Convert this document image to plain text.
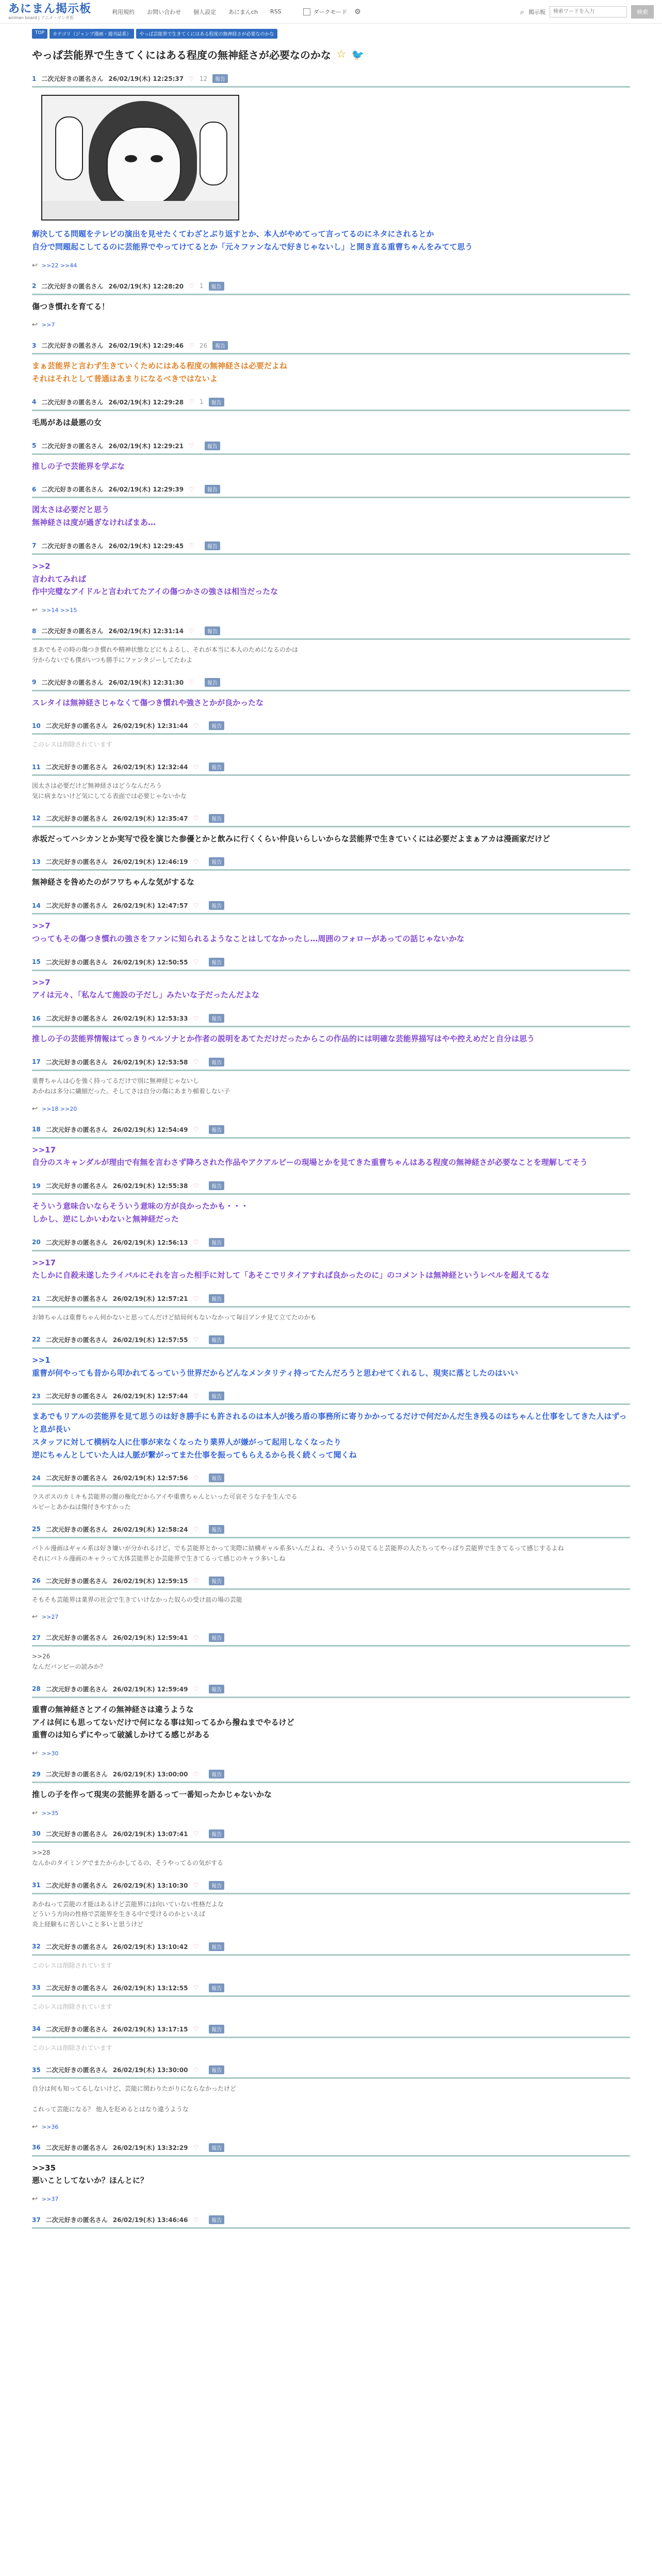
あにまん掲示板
animan board | アニメ・マンガ系
利用規約 お問い合わせ 個人設定 あにまんch RSS	ダークモード ⚙	⌕ 掲示板
検索ワードを入力	検索
TOP	カテゴリ（ジャンプ漫画・週刊誌系）	やっぱ芸能界で生きてくにはある程度の無神経さが必要なのかな
やっぱ芸能界で生きてくにはある程度の無神経さが必要なのかな ☆ 🐦
1 二次元好きの匿名さん 26/02/19(木) 12:25:37 ♡ 12	報告
解決してる問題をテレビの演出を見せたくてわざとぶり返すとか、本人がやめてって言ってるのにネタにされるとか
自分で問題起こしてるのに芸能界でやってけてるとか「元々ファンなんで好きじゃないし」と開き直る重曹ちゃんをみてて思う
↩ >>22 >>44
2 二次元好きの匿名さん 26/02/19(木) 12:28:20 ♡ 1	報告
傷つき慣れを育てる！
↩ >>7
3 二次元好きの匿名さん 26/02/19(木) 12:29:46 ♡ 26	報告
まぁ芸能界と言わず生きていくためにはある程度の無神経さは必要だよね
それはそれとして普通はあまりになるべきではないよ
4 二次元好きの匿名さん 26/02/19(木) 12:29:28 ♡ 1	報告
毛馬があは最悪の女
5 二次元好きの匿名さん 26/02/19(木) 12:29:21 ♡	報告
推しの子で芸能界を学ぶな
6 二次元好きの匿名さん 26/02/19(木) 12:29:39 ♡	報告
図太さは必要だと思う
無神経さは度が過ぎなければまあ…
7 二次元好きの匿名さん 26/02/19(木) 12:29:45 ♡	報告
>>2
言われてみれば
作中完璧なアイドルと言われてたアイの傷つかさの強さは相当だったな
↩ >>14 >>15
8 二次元好きの匿名さん 26/02/19(木) 12:31:14 ♡	報告
まあでもその時の傷つき慣れや精神状態などにもよるし、それが本当に本人のためになるのかは
分からないでも僕がいつも勝手にファンタジーしてたわよ
9 二次元好きの匿名さん 26/02/19(木) 12:31:30 ♡	報告
スレタイは無神経さじゃなくて傷つき慣れや強さとかが良かったな
10 二次元好きの匿名さん 26/02/19(木) 12:31:44 ♡	報告
このレスは削除されています
11 二次元好きの匿名さん 26/02/19(木) 12:32:44 ♡	報告
図太さは必要だけど無神経さはどうなんだろう
気に病まないけど気にしてる表面では必要じゃないかな
12 二次元好きの匿名さん 26/02/19(木) 12:35:47 ♡	報告
赤坂だってハシカンとか実写で役を演じた参優とかと飲みに行くくらい仲良いらしいからな芸能界で生きていくには必要だよまぁアカは漫画家だけど
13 二次元好きの匿名さん 26/02/19(木) 12:46:19 ♡	報告
無神経さを咎めたのがフワちゃんな気がするな
14 二次元好きの匿名さん 26/02/19(木) 12:47:57 ♡	報告
>>7
つってもその傷つき慣れの強さをファンに知られるようなことはしてなかったし…周囲のフォローがあっての話じゃないかな
15 二次元好きの匿名さん 26/02/19(木) 12:50:55 ♡	報告
>>7
アイは元々、「私なんて施設の子だし」みたいな子だったんだよな
16 二次元好きの匿名さん 26/02/19(木) 12:53:33 ♡	報告
推しの子の芸能界情報はてっきりペルソナとか作者の説明をあてただけだったからこの作品的には明確な芸能界描写はやや控えめだと自分は思う
17 二次元好きの匿名さん 26/02/19(木) 12:53:58 ♡	報告
重曹ちゃんは心を強く持ってるだけで別に無神経じゃないし
あかねは多分に繊細だった。そしてさは自分の傷にあまり頓着しない子
↩ >>18 >>20
18 二次元好きの匿名さん 26/02/19(木) 12:54:49 ♡	報告
>>17
自分のスキャンダルが理由で有無を言わさず降ろされた作品やアクアルビーの現場とかを見てきた重曹ちゃんはある程度の無神経さが必要なことを理解してそう
19 二次元好きの匿名さん 26/02/19(木) 12:55:38 ♡	報告
そういう意味合いならそういう意味の方が良かったかも・・・
しかし、逆にしかいわないと無神経だった
20 二次元好きの匿名さん 26/02/19(木) 12:56:13 ♡	報告
>>17
たしかに自殺未遂したライバルにそれを言った相手に対して「あそこでリタイアすれば良かったのに」のコメントは無神経というレベルを超えてるな
21 二次元好きの匿名さん 26/02/19(木) 12:57:21 ♡	報告
お姉ちゃんは重曹ちゃん何かないと思ってんだけど結局何もないなかって毎日アンチ見て立てたのかも
22 二次元好きの匿名さん 26/02/19(木) 12:57:55 ♡	報告
>>1
重曹が何やっても昔から叩かれてるっていう世界だからどんなメンタリティ持ってたんだろうと思わせてくれるし、現実に落としたのはいい
23 二次元好きの匿名さん 26/02/19(木) 12:57:44 ♡	報告
まあでもリアルの芸能界を見て思うのは好き勝手にも許されるのは本人が後ろ盾の事務所に寄りかかってるだけで何だかんだ生き残るのはちゃんと仕事をしてきた人はずっと息が長い
スタッフに対して横柄な人に仕事が来なくなったり業界人が嫌がって起用しなくなったり
逆にちゃんとしていた人は人脈が繋がってまた仕事を振ってもらえるから長く続くって聞くね
24 二次元好きの匿名さん 26/02/19(木) 12:57:56 ♡	報告
ラスボスのカミキも芸能界の闇の権化だからアイや重曹ちゃんといった可哀そうな子を生んでる
ルビーとあかねは傷付きやすかった
25 二次元好きの匿名さん 26/02/19(木) 12:58:24 ♡	報告
バトル漫画はギャル系は好き嫌いが分かれるけど、でも芸能界とかって実際に結構ギャル系多いんだよね、そういうの見てると芸能界の人たちってやっぱり芸能界で生きてるって感じするよね
それにバトル漫画のキャラって大体芸能界とか芸能界で生きてるって感じのキャラ多いしね
26 二次元好きの匿名さん 26/02/19(木) 12:59:15 ♡	報告
そもそも芸能界は業界の社会で生きていけなかった奴らの受け皿の場の芸能
↩ >>27
27 二次元好きの匿名さん 26/02/19(木) 12:59:41 ♡	報告
>>26
なんだバンビーの読みか？
28 二次元好きの匿名さん 26/02/19(木) 12:59:49 ♡	報告
重曹の無神経さとアイの無神経さは違うような
アイは何にも思ってないだけで何になる事は知ってるから撥ねまでやるけど
重曹のは知らずにやって破滅しかけてる感じがある
↩ >>30
29 二次元好きの匿名さん 26/02/19(木) 13:00:00 ♡	報告
推しの子を作って現実の芸能界を語るって一番知ったかじゃないかな
↩ >>35
30 二次元好きの匿名さん 26/02/19(木) 13:07:41 ♡	報告
>>28
なんかのタイミングでまたからかしてるの、そうやってるの気がする
31 二次元好きの匿名さん 26/02/19(木) 13:10:30 ♡	報告
あかねって芸能の才能はあるけど芸能界には向いていない性格だよな
どういう方向の性格で芸能界を生きる中で受けるのかといえば
炎上経験もに苦しいこと多いと思うけど
32 二次元好きの匿名さん 26/02/19(木) 13:10:42 ♡	報告
このレスは削除されています
33 二次元好きの匿名さん 26/02/19(木) 13:12:55 ♡	報告
このレスは削除されています
34 二次元好きの匿名さん 26/02/19(木) 13:17:15 ♡	報告
このレスは削除されています
35 二次元好きの匿名さん 26/02/19(木) 13:30:00 ♡	報告
自分は何も知ってるしないけど、芸能に関わりたがりにならなかったけど

これって芸能になる？ 他人を貶めるとはなり違うような
↩ >>36
36 二次元好きの匿名さん 26/02/19(木) 13:32:29 ♡	報告
>>35
悪いことしてないか？ほんとに？
↩ >>37
37 二次元好きの匿名さん 26/02/19(木) 13:46:46 ♡	報告
